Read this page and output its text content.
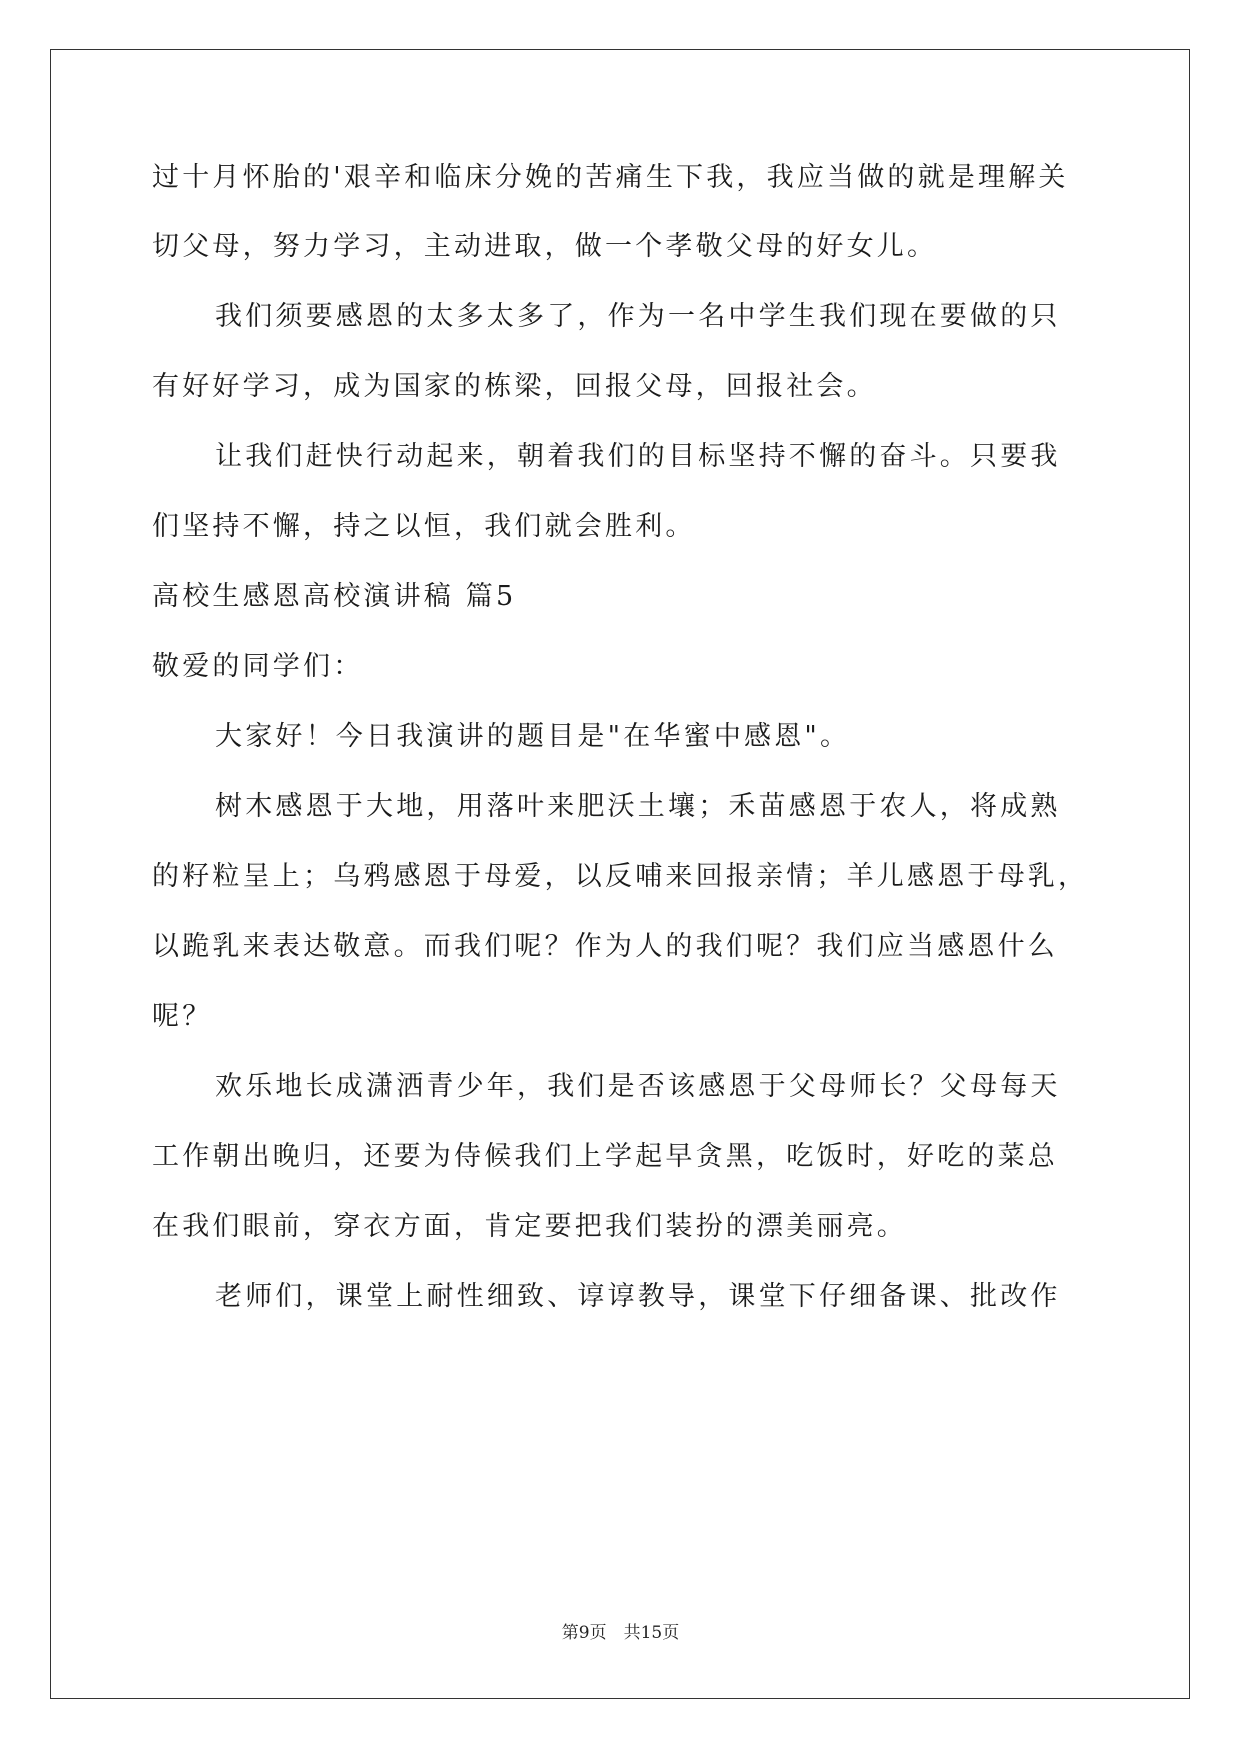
过十月怀胎的'艰辛和临床分娩的苦痛生下我，我应当做的就是理解关
切父母，努力学习，主动进取，做一个孝敬父母的好女儿。
我们须要感恩的太多太多了，作为一名中学生我们现在要做的只
有好好学习，成为国家的栋梁，回报父母，回报社会。
让我们赶快行动起来，朝着我们的目标坚持不懈的奋斗。只要我
们坚持不懈，持之以恒，我们就会胜利。
高校生感恩高校演讲稿 篇5
敬爱的同学们：
大家好！今日我演讲的题目是"在华蜜中感恩"。
树木感恩于大地，用落叶来肥沃土壤；禾苗感恩于农人，将成熟
的籽粒呈上；乌鸦感恩于母爱，以反哺来回报亲情；羊儿感恩于母乳，
以跪乳来表达敬意。而我们呢？作为人的我们呢？我们应当感恩什么
呢？
欢乐地长成潇洒青少年，我们是否该感恩于父母师长？父母每天
工作朝出晚归，还要为侍候我们上学起早贪黑，吃饭时，好吃的菜总
在我们眼前，穿衣方面，肯定要把我们装扮的漂美丽亮。
老师们，课堂上耐性细致、谆谆教导，课堂下仔细备课、批改作
第9页　共15页
